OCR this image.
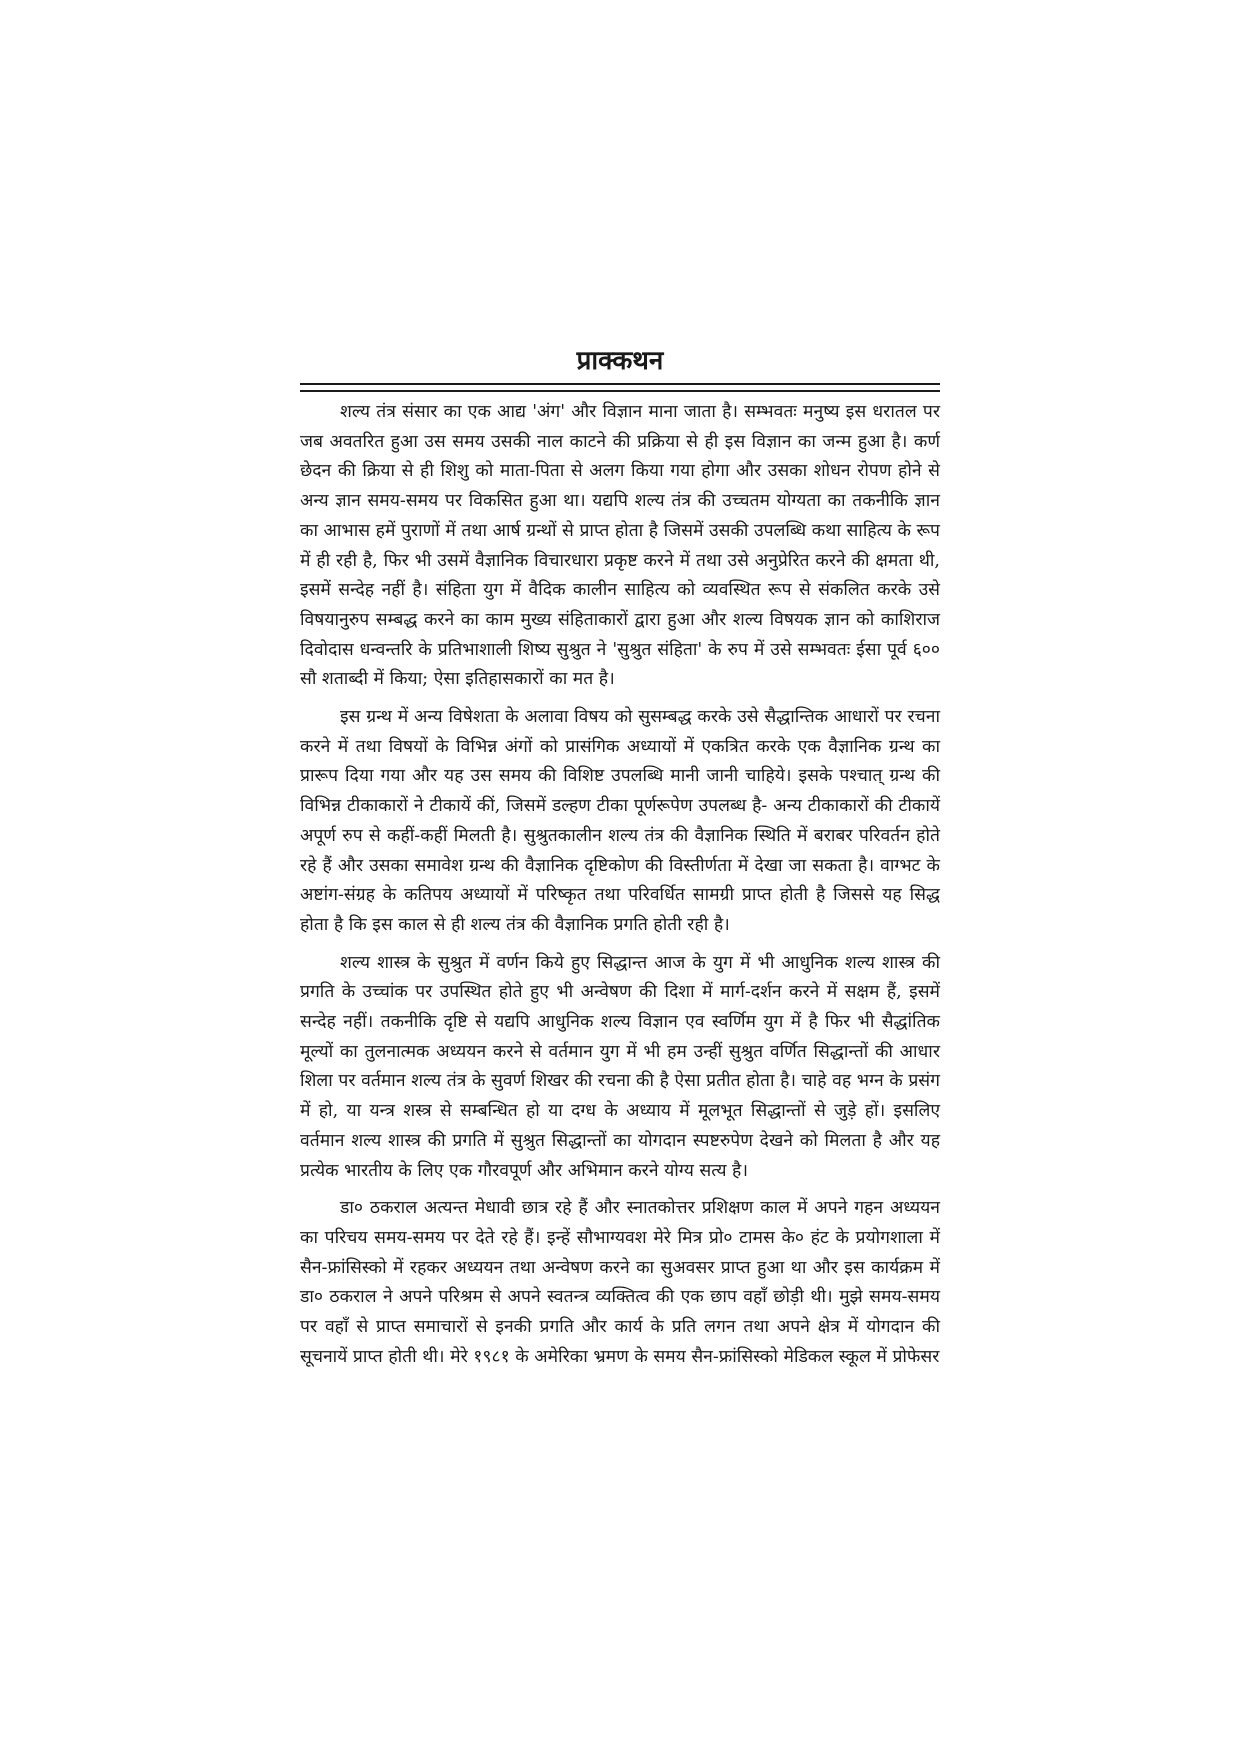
प्राक्कथन

शल्य तंत्र संसार का एक आद्य 'अंग' और विज्ञान माना जाता है। सम्भवतः मनुष्य इस धरातल पर जब अवतरित हुआ उस समय उसकी नाल काटने की प्रक्रिया से ही इस विज्ञान का जन्म हुआ है। कर्ण छेदन की क्रिया से ही शिशु को माता-पिता से अलग किया गया होगा और उसका शोधन रोपण होने से अन्य ज्ञान समय-समय पर विकसित हुआ था। यद्यपि शल्य तंत्र की उच्चतम योग्यता का तकनीकि ज्ञान का आभास हमें पुराणों में तथा आर्ष ग्रन्थों से प्राप्त होता है जिसमें उसकी उपलब्धि कथा साहित्य के रूप में ही रही है, फिर भी उसमें वैज्ञानिक विचारधारा प्रकृष्ट करने में तथा उसे अनुप्रेरित करने की क्षमता थी, इसमें सन्देह नहीं है। संहिता युग में वैदिक कालीन साहित्य को व्यवस्थित रूप से संकलित करके उसे विषयानुरुप सम्बद्ध करने का काम मुख्य संहिताकारों द्वारा हुआ और शल्य विषयक ज्ञान को काशिराज दिवोदास धन्वन्तरि के प्रतिभाशाली शिष्य सुश्रुत ने 'सुश्रुत संहिता' के रुप में उसे सम्भवतः ईसा पूर्व ६०० सौ शताब्दी में किया; ऐसा इतिहासकारों का मत है।

इस ग्रन्थ में अन्य विषेशता के अलावा विषय को सुसम्बद्ध करके उसे सैद्धान्तिक आधारों पर रचना करने में तथा विषयों के विभिन्न अंगों को प्रासंगिक अध्यायों में एकत्रित करके एक वैज्ञानिक ग्रन्थ का प्रारूप दिया गया और यह उस समय की विशिष्ट उपलब्धि मानी जानी चाहिये। इसके पश्चात् ग्रन्थ की विभिन्न टीकाकारों ने टीकायें कीं, जिसमें डल्हण टीका पूर्णरूपेण उपलब्ध है- अन्य टीकाकारों की टीकायें अपूर्ण रुप से कहीं-कहीं मिलती है। सुश्रुतकालीन शल्य तंत्र की वैज्ञानिक स्थिति में बराबर परिवर्तन होते रहे हैं और उसका समावेश ग्रन्थ की वैज्ञानिक दृष्टिकोण की विस्तीर्णता में देखा जा सकता है। वाग्भट के अष्टांग-संग्रह के कतिपय अध्यायों में परिष्कृत तथा परिवर्धित सामग्री प्राप्त होती है जिससे यह सिद्ध होता है कि इस काल से ही शल्य तंत्र की वैज्ञानिक प्रगति होती रही है।

शल्य शास्त्र के सुश्रुत में वर्णन किये हुए सिद्धान्त आज के युग में भी आधुनिक शल्य शास्त्र की प्रगति के उच्चांक पर उपस्थित होते हुए भी अन्वेषण की दिशा में मार्ग-दर्शन करने में सक्षम हैं, इसमें सन्देह नहीं। तकनीकि दृष्टि से यद्यपि आधुनिक शल्य विज्ञान एव स्वर्णिम युग में है फिर भी सैद्धांतिक मूल्यों का तुलनात्मक अध्ययन करने से वर्तमान युग में भी हम उन्हीं सुश्रुत वर्णित सिद्धान्तों की आधार शिला पर वर्तमान शल्य तंत्र के सुवर्ण शिखर की रचना की है ऐसा प्रतीत होता है। चाहे वह भग्न के प्रसंग में हो, या यन्त्र शस्त्र से सम्बन्धित हो या दग्ध के अध्याय में मूलभूत सिद्धान्तों से जुड़े हों। इसलिए वर्तमान शल्य शास्त्र की प्रगति में सुश्रुत सिद्धान्तों का योगदान स्पष्टरुपेण देखने को मिलता है और यह प्रत्येक भारतीय के लिए एक गौरवपूर्ण और अभिमान करने योग्य सत्य है।

डा० ठकराल अत्यन्त मेधावी छात्र रहे हैं और स्नातकोत्तर प्रशिक्षण काल में अपने गहन अध्ययन का परिचय समय-समय पर देते रहे हैं। इन्हें सौभाग्यवश मेरे मित्र प्रो० टामस के० हंट के प्रयोगशाला में सैन-फ्रांसिस्को में रहकर अध्ययन तथा अन्वेषण करने का सुअवसर प्राप्त हुआ था और इस कार्यक्रम में डा० ठकराल ने अपने परिश्रम से अपने स्वतन्त्र व्यक्तित्व की एक छाप वहाँ छोड़ी थी। मुझे समय-समय पर वहाँ से प्राप्त समाचारों से इनकी प्रगति और कार्य के प्रति लगन तथा अपने क्षेत्र में योगदान की सूचनायें प्राप्त होती थी। मेरे १९८१ के अमेरिका भ्रमण के समय सैन-फ्रांसिस्को मेडिकल स्कूल में प्रोफेसर
